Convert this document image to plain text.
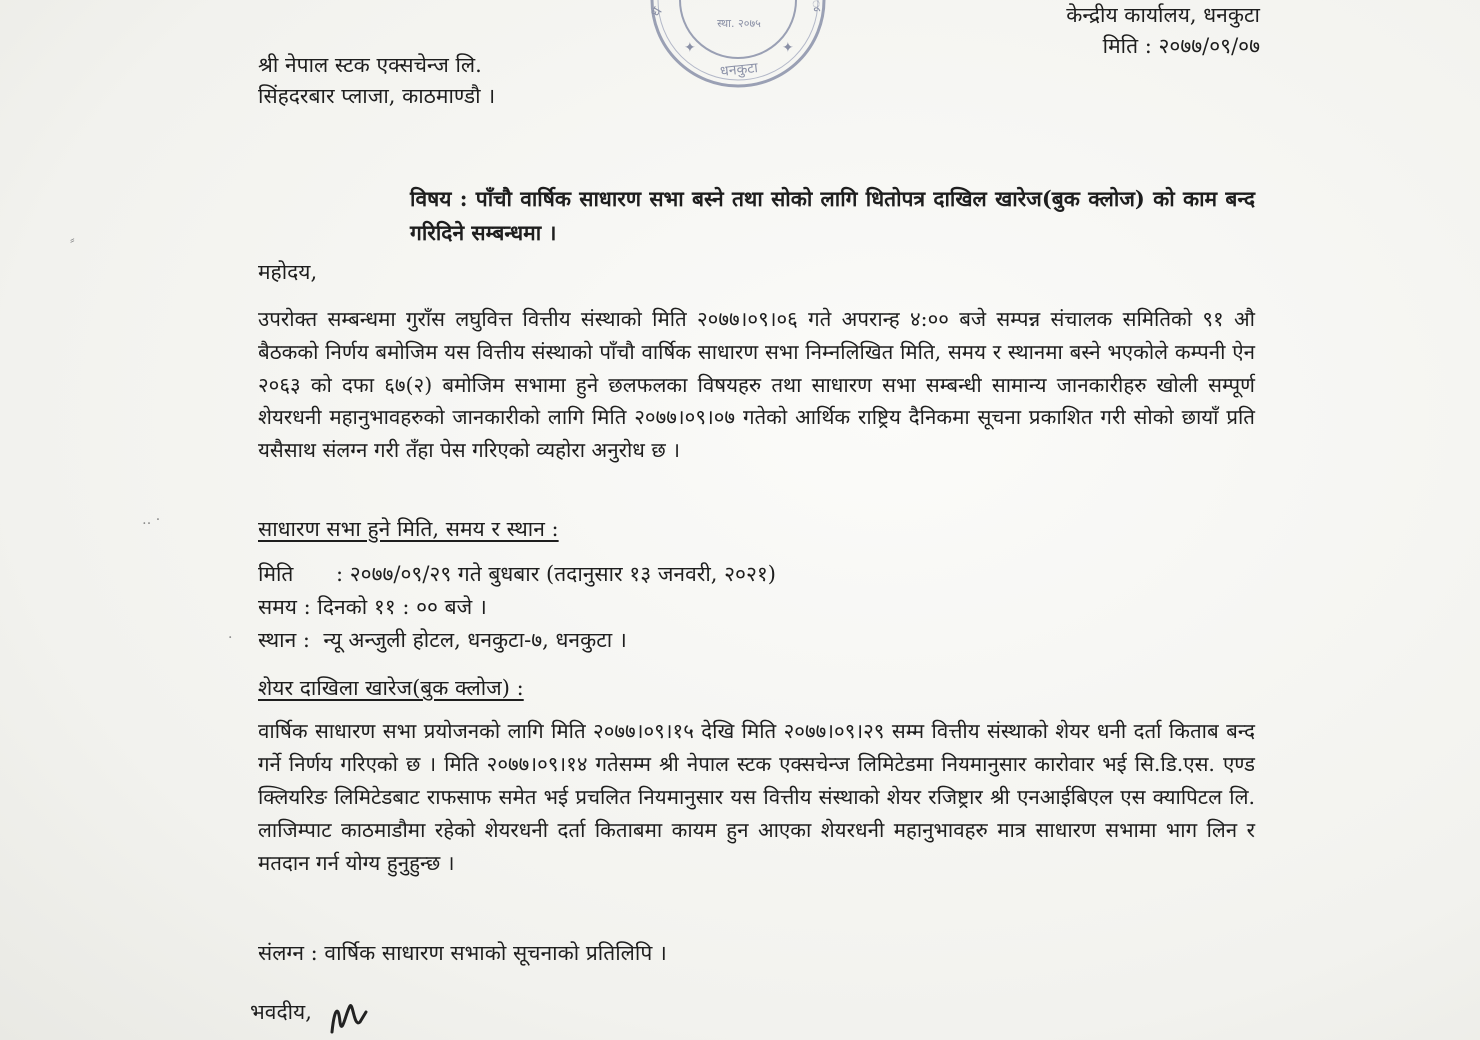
✦	✦
ध
ू
स्था. २०७५
धनकुटा
केन्द्रीय कार्यालय, धनकुटा
मिति : २०७७/०९/०७
श्री नेपाल स्टक एक्सचेन्ज लि.
सिंहदरबार प्लाजा, काठमाण्डौ ।
विषय : पाँचौ वार्षिक साधारण सभा बस्ने तथा सोको लागि धितोपत्र दाखिल खारेज(बुक क्लोज) को काम बन्द गरिदिने सम्बन्धमा ।
महोदय,
उपरोक्त सम्बन्धमा गुराँस लघुवित्त वित्तीय संस्थाको मिति २०७७।०९।०६ गते अपरान्ह ४:०० बजे सम्पन्न संचालक समितिको ९१ औ बैठकको निर्णय बमोजिम यस वित्तीय संस्थाको पाँचौ वार्षिक साधारण सभा निम्नलिखित मिति, समय र स्थानमा बस्ने भएकोले कम्पनी ऐन २०६३ को दफा ६७(२) बमोजिम सभामा हुने छलफलका विषयहरु तथा साधारण सभा सम्बन्धी सामान्य जानकारीहरु खोली सम्पूर्ण शेयरधनी महानुभावहरुको जानकारीको लागि मिति २०७७।०९।०७ गतेको आर्थिक राष्ट्रिय दैनिकमा सूचना प्रकाशित गरी सोको छायाँ प्रति यसैसाथ संलग्न गरी तँहा पेस गरिएको व्यहोरा अनुरोध छ ।
साधारण सभा हुने मिति, समय र स्थान :
मिति : २०७७/०९/२९ गते बुधबार (तदानुसार १३ जनवरी, २०२१)
समय : दिनको ११ : ०० बजे ।
स्थान : न्यू अन्जुली होटल, धनकुटा-७, धनकुटा ।
शेयर दाखिला खारेज(बुक क्लोज) :
वार्षिक साधारण सभा प्रयोजनको लागि मिति २०७७।०९।१५ देखि मिति २०७७।०९।२९ सम्म वित्तीय संस्थाको शेयर धनी दर्ता किताब बन्द गर्ने निर्णय गरिएको छ । मिति २०७७।०९।१४ गतेसम्म श्री नेपाल स्टक एक्सचेन्ज लिमिटेडमा नियमानुसार कारोवार भई सि.डि.एस. एण्ड क्लियरिङ लिमिटेडबाट राफसाफ समेत भई प्रचलित नियमानुसार यस वित्तीय संस्थाको शेयर रजिष्ट्रार श्री एनआईबिएल एस क्यापिटल लि. लाजिम्पाट काठमाडौमा रहेको शेयरधनी दर्ता किताबमा कायम हुन आएका शेयरधनी महानुभावहरु मात्र साधारण सभामा भाग लिन र मतदान गर्न योग्य हुनुहुन्छ ।
संलग्न : वार्षिक साधारण सभाको सूचनाको प्रतिलिपि ।
भवदीय,
⸗
‥ ·
·
